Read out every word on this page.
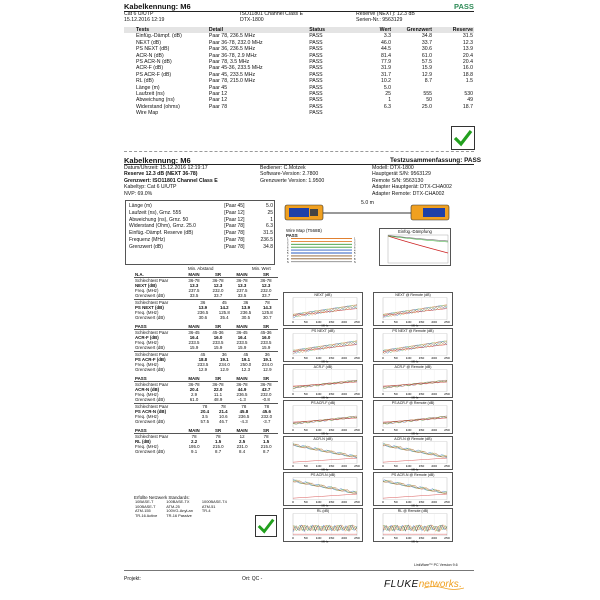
Kabelkennung: M6	PASS
Cat 6 U/UTP	ISO11801 Channel Class E	Reserve (NEXT): 12.3 dB
15.12.2016 12:19	DTX-1800	Serien-Nr.: 9563129
Tests	Detail	Status	Wert	Grenzwert	Reserve
Einfüg.-Dämpf. (dB)	Paar 78, 236.5 MHz	PASS	3.3	34.8	31.5
NEXT (dB)	Paar 36-78, 232.0 MHz	PASS	46.0	33.7	12.3
PS NEXT (dB)	Paar 36, 236.5 MHz	PASS	44.5	30.6	13.9
ACR-N (dB)	Paar 36-78, 2.9 MHz	PASS	81.4	61.0	20.4
PS ACR-N (dB)	Paar 78, 3.5 MHz	PASS	77.9	57.5	20.4
ACR-F (dB)	Paar 45-36, 233.5 MHz	PASS	31.9	15.9	16.0
PS ACR-F (dB)	Paar 45, 233.5 MHz	PASS	31.7	12.9	18.8
RL (dB)	Paar 78, 215.0 MHz	PASS	10.2	8.7	1.5
Länge (m)	Paar 45	PASS	5.0		
Laufzeit (ns)	Paar 12	PASS	25	555	530
Abweichung (ns)	Paar 12	PASS	1	50	49
Widerstand (ohms)	Paar 78	PASS	6.3	25.0	18.7
Wire Map		PASS			
Kabelkennung: M6	Testzusammenfassung: PASS
Datum/Uhrzeit: 15.12.2016 12:19:17
Reserve 12.3 dB (NEXT 36-78)
Grenzwert: ISO11801 Channel Class E
Kabeltyp: Cat 6 U/UTP
NVP: 69.0%
Bediener: C.Motzek
Software-Version: 2.7800
Grenzwerte Version: 1.9500
Modell: DTX-1800
Hauptgerät S/N: 9563129
Remote S/N: 9563130
Adapter Hauptgerät: DTX-CHA002
Adapter Remote: DTX-CHA002
Länge (m)	[Paar 45]	5.0
Laufzeit (ns), Grnz. 555	[Paar 12]	25
Abweichung (ns), Grnz. 50	[Paar 12]	1
Widerstand (Ohm), Grnz. 25.0	[Paar 78]	6.3

Einfüg.-Dämpf. Reserve (dB)	[Paar 78]	31.5
Frequenz (MHz)	[Paar 78]	236.5
Grenzwert (dB)	[Paar 78]	34.8
5.0 m
Wire Map (T568B)
PASS
1	1
2	2
3	3
6	6
4	4
5	5
7	7
8	8
S	S
Einfüg.-Dämpfung
Min. Abstand	Min. Wert
N.A.	MAIN	SR	MAIN	SR
Schlechtest Paar	36-78	36-78	36-78	36-78
NEXT (dB)	13.3	12.3	13.3	12.3
Freq. (MHz)	237.5	232.0	237.5	232.0
Grenzwert (dB)	33.5	33.7	33.5	33.7
Schlechtest Paar	36	45	36	78
PS NEXT (dB)	13.9	14.2	13.9	14.3
Freq. (MHz)	236.5	125.8	236.5	125.8
Grenzwert (dB)	30.6	35.4	30.5	30.7
PASS	MAIN	SR	MAIN	SR
Schlechtest Paar	36-45	45-36	36-45	45-36
ACR-F (dB)	16.4	16.0	16.4	16.0
Freq. (MHz)	233.5	233.5	233.5	233.5
Grenzwert (dB)	15.9	15.9	15.9	15.9
Schlechtest Paar	45	36	45	36
PS ACR-F (dB)	18.8	19.1	19.1	19.1
Freq. (MHz)	233.5	234.0	250.0	234.0
Grenzwert (dB)	12.9	12.9	12.3	12.9
PASS	MAIN	SR	MAIN	SR
Schlechtest Paar	36-78	36-78	36-78	36-78
ACR-N (dB)	20.4	22.0	44.9	43.7
Freq. (MHz)	2.9	11.1	236.5	232.0
Grenzwert (dB)	61.0	48.9	-1.3	-0.8
Schlechtest Paar	78	78	78	78
PS ACR-N (dB)	20.4	21.4	45.8	45.6
Freq. (MHz)	3.5	10.6	236.5	232.0
Grenzwert (dB)	57.5	46.7	-4.3	-3.7
PASS	MAIN	SR	MAIN	SR
Schlechtest Paar	78	78	12	78
RL (dB)	2.2	1.5	2.5	1.5
Freq. (MHz)	195.0	215.0	231.0	215.0
Grenzwert (dB)	9.1	8.7	8.4	8.7
Erfüllte Netzwerk Standards:
10BASE-T	100BASE-TX	1000BASE-T4
100BASE-T	ATM-25	ATM-51
ATM-155	100VG-AnyLan	TR-4
TR-16 Active	TR-16 Passive	
NEXT (dB)
0	50 100 150 200 250
MHz
NEXT @ Remote (dB)
0	50 100 150 200 250
MHz
PS NEXT (dB)
0	50 100 150 200 250
MHz
PS NEXT @ Remote (dB)
0	50 100 150 200 250
MHz
ACR-F (dB)
0	50 100 150 200 250
MHz
ACR-F @ Remote (dB)
0	50 100 150 200 250
MHz
PS ACR-F (dB)
0	50 100 150 200 250
MHz
PS ACR-F @ Remote (dB)
0	50 100 150 200 250
MHz
ACR-N (dB)
0	50 100 150 200 250
MHz
ACR-N @ Remote (dB)
0	50 100 150 200 250
MHz
PS ACR-N (dB)
0	50 100 150 200 250
MHz
PS ACR-N @ Remote (dB)
0	50 100 150 200 250
MHz
RL (dB)
0	50 100 150 200 250
MHz
RL @ Remote (dB)
0	50 100 150 200 250
MHz
LinkWare™ PC Version 9.6
Projekt:	Ort: QC -	FLUKEnetworks.
